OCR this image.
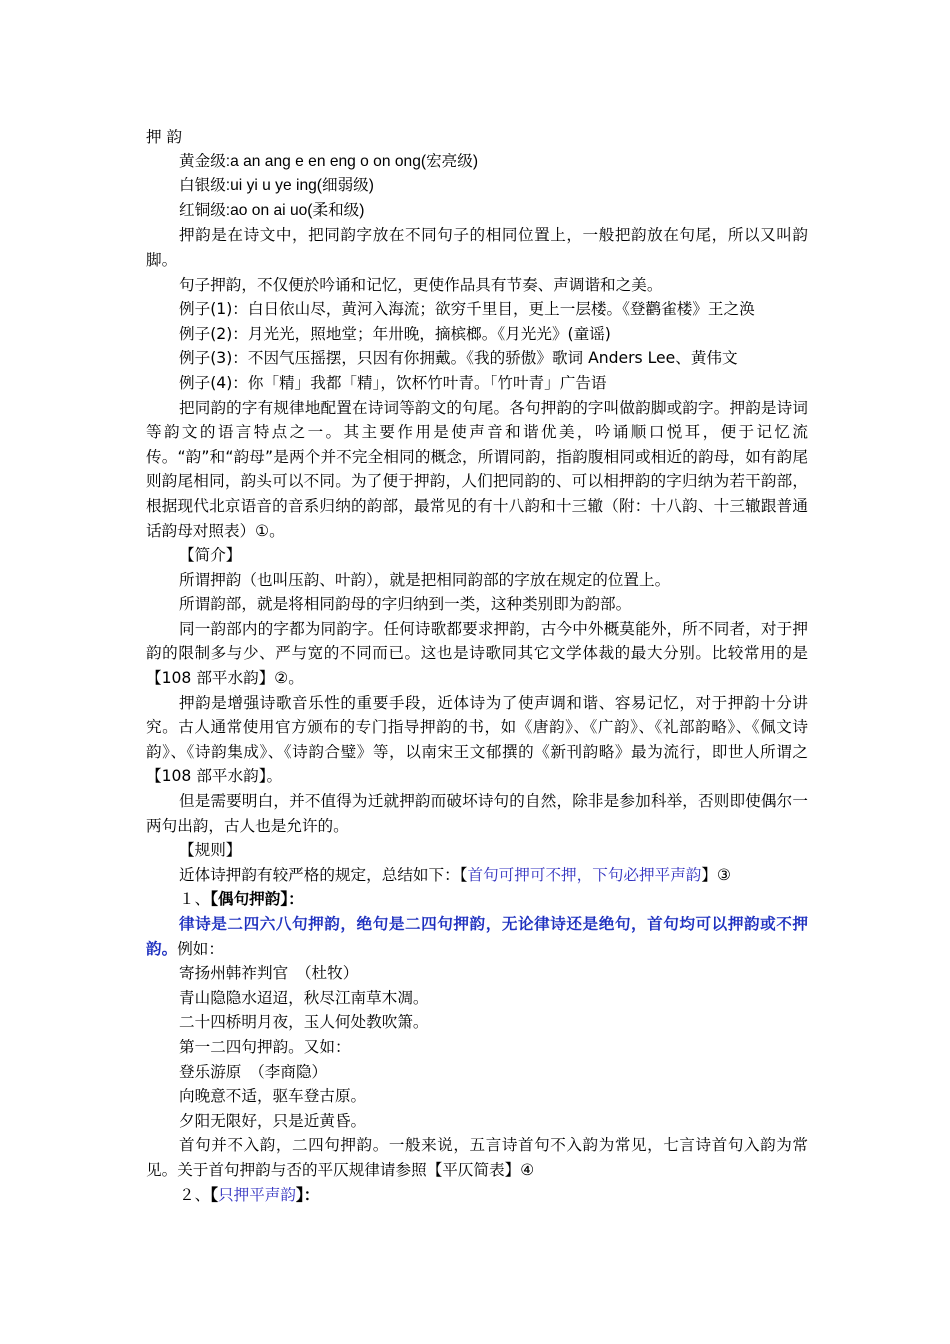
押 韵

黄金级:a an ang e en eng o on ong(宏亮级)

白银级:ui yi u ye ing(细弱级)

红铜级:ao on ai uo(柔和级)

押韵是在诗文中，把同韵字放在不同句子的相同位置上，一般把韵放在句尾，所以又叫韵脚。

句子押韵，不仅便於吟诵和记忆，更使作品具有节奏、声调谐和之美。

例子(1)：白日依山尽，黄河入海流；欲穷千里目，更上一层楼。《登鹳雀楼》王之涣

例子(2)：月光光，照地堂；年卅晚，摘槟榔。《月光光》(童谣)

例子(3)：不因气压摇摆，只因有你拥戴。《我的骄傲》歌词 Anders Lee、黄伟文

例子(4)：你「精」我都「精」，饮杯竹叶青。「竹叶青」广告语

把同韵的字有规律地配置在诗词等韵文的句尾。各句押韵的字叫做韵脚或韵字。押韵是诗词等韵文的语言特点之一。其主要作用是使声音和谐优美，吟诵顺口悦耳，便于记忆流传。“韵”和“韵母”是两个并不完全相同的概念，所谓同韵，指韵腹相同或相近的韵母，如有韵尾则韵尾相同，韵头可以不同。为了便于押韵，人们把同韵的、可以相押韵的字归纳为若干韵部，根据现代北京语音的音系归纳的韵部，最常见的有十八韵和十三辙（附：十八韵、十三辙跟普通话韵母对照表）①。

【简介】

所谓押韵（也叫压韵、叶韵），就是把相同韵部的字放在规定的位置上。

所谓韵部，就是将相同韵母的字归纳到一类，这种类别即为韵部。

同一韵部内的字都为同韵字。任何诗歌都要求押韵，古今中外概莫能外，所不同者，对于押韵的限制多与少、严与宽的不同而已。这也是诗歌同其它文学体裁的最大分别。比较常用的是【108 部平水韵】②。

押韵是增强诗歌音乐性的重要手段，近体诗为了使声调和谐、容易记忆，对于押韵十分讲究。古人通常使用官方颁布的专门指导押韵的书，如《唐韵》、《广韵》、《礼部韵略》、《佩文诗韵》、《诗韵集成》、《诗韵合璧》等，以南宋王文郁撰的《新刊韵略》最为流行，即世人所谓之【108 部平水韵】。

但是需要明白，并不值得为迁就押韵而破坏诗句的自然，除非是参加科举，否则即使偶尔一两句出韵，古人也是允许的。

【规则】

近体诗押韵有较严格的规定，总结如下：【首句可押可不押，下句必押平声韵】③

１、【偶句押韵】：

律诗是二四六八句押韵，绝句是二四句押韵，无论律诗还是绝句，首句均可以押韵或不押韵。例如：

寄扬州韩祚判官　（杜牧）

青山隐隐水迢迢，秋尽江南草木凋。

二十四桥明月夜，玉人何处教吹箫。

第一二四句押韵。又如：

登乐游原　（李商隐）

向晚意不适，驱车登古原。

夕阳无限好，只是近黄昏。

首句并不入韵，二四句押韵。一般来说，五言诗首句不入韵为常见，七言诗首句入韵为常见。关于首句押韵与否的平仄规律请参照【平仄简表】④

２、【只押平声韵】：
